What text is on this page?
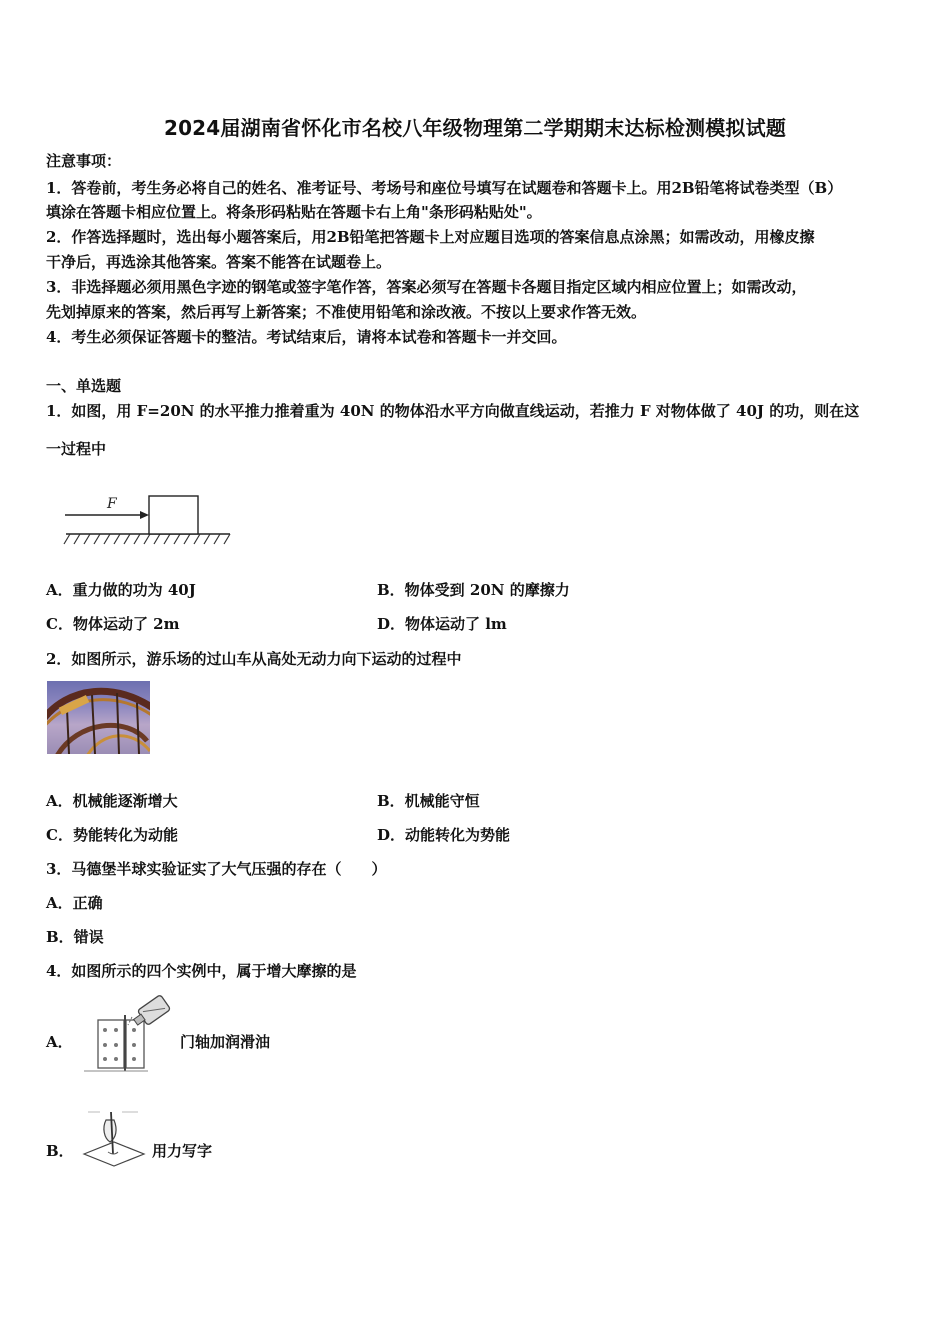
2024届湖南省怀化市名校八年级物理第二学期期末达标检测模拟试题
注意事项：
1．答卷前，考生务必将自己的姓名、准考证号、考场号和座位号填写在试题卷和答题卡上。用2B铅笔将试卷类型（B）
填涂在答题卡相应位置上。将条形码粘贴在答题卡右上角"条形码粘贴处"。
2．作答选择题时，选出每小题答案后，用2B铅笔把答题卡上对应题目选项的答案信息点涂黑；如需改动，用橡皮擦
干净后，再选涂其他答案。答案不能答在试题卷上。
3．非选择题必须用黑色字迹的钢笔或签字笔作答，答案必须写在答题卡各题目指定区域内相应位置上；如需改动，
先划掉原来的答案，然后再写上新答案；不准使用铅笔和涂改液。不按以上要求作答无效。
4．考生必须保证答题卡的整洁。考试结束后，请将本试卷和答题卡一并交回。
一、单选题
1．如图，用 F=20N 的水平推力推着重为 40N 的物体沿水平方向做直线运动，若推力 F 对物体做了 40J 的功，则在这
一过程中
F
A．重力做的功为 40J	B．物体受到 20N 的摩擦力
C．物体运动了 2m	D．物体运动了 lm
2．如图所示，游乐场的过山车从高处无动力向下运动的过程中
A．机械能逐渐增大	B．机械能守恒
C．势能转化为动能	D．动能转化为势能
3．马德堡半球实验证实了大气压强的存在（　　）
A．正确
B．错误
4．如图所示的四个实例中，属于增大摩擦的是
A．	门轴加润滑油
B．	用力写字
